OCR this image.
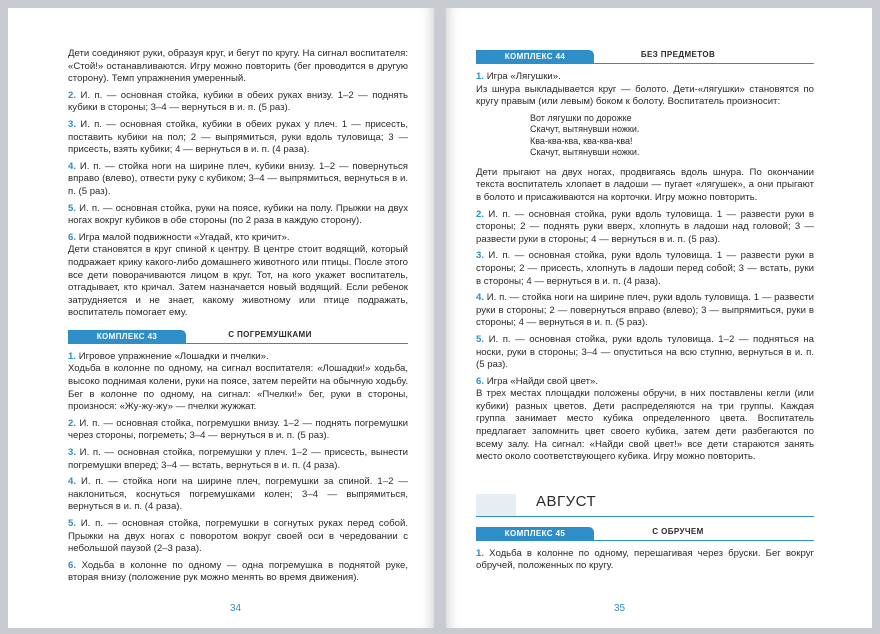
Дети соединяют руки, образуя круг, и бегут по кругу. На сигнал воспитателя: «Стой!» останавливаются. Игру можно повторить (бег проводится в другую сторону). Темп упражнения умеренный.

2. И. п. — основная стойка, кубики в обеих руках внизу. 1–2 — поднять кубики в стороны; 3–4 — вернуться в и. п. (5 раз).

3. И. п. — основная стойка, кубики в обеих руках у плеч. 1 — присесть, поставить кубики на пол; 2 — выпрямиться, руки вдоль туловища; 3 — присесть, взять кубики; 4 — вернуться в и. п. (4 раза).

4. И. п. — стойка ноги на ширине плеч, кубики внизу. 1–2 — повернуться вправо (влево), отвести руку с кубиком; 3–4 — выпрямиться, вернуться в и. п. (5 раз).

5. И. п. — основная стойка, руки на поясе, кубики на полу. Прыжки на двух ногах вокруг кубиков в обе стороны (по 2 раза в каждую сторону).

6. Игра малой подвижности «Угадай, кто кричит».

Дети становятся в круг спиной к центру. В центре стоит водящий, который подражает крику какого-либо домашнего животного или птицы. После этого все дети поворачиваются лицом в круг. Тот, на кого укажет воспитатель, отгадывает, кто кричал. Затем назначается новый водящий. Если ребенок затрудняется и не знает, какому животному или птице подражать, воспитатель помогает ему.

КОМПЛЕКС 43	С ПОГРЕМУШКАМИ

1. Игровое упражнение «Лошадки и пчелки».

Ходьба в колонне по одному, на сигнал воспитателя: «Лошадки!» ходьба, высоко поднимая колени, руки на поясе, затем перейти на обычную ходьбу. Бег в колонне по одному, на сигнал: «Пчелки!» бег, руки в стороны, произнося: «Жу-жу-жу» — пчелки жужжат.

2. И. п. — основная стойка, погремушки внизу. 1–2 — поднять погремушки через стороны, погреметь; 3–4 — вернуться в и. п. (5 раз).

3. И. п. — основная стойка, погремушки у плеч. 1–2 — присесть, вынести погремушки вперед; 3–4 — встать, вернуться в и. п. (4 раза).

4. И. п. — стойка ноги на ширине плеч, погремушки за спиной. 1–2 — наклониться, коснуться погремушками колен; 3–4 — выпрямиться, вернуться в и. п. (4 раза).

5. И. п. — основная стойка, погремушки в согнутых руках перед собой. Прыжки на двух ногах с поворотом вокруг своей оси в чередовании с небольшой паузой (2–3 раза).

6. Ходьба в колонне по одному — одна погремушка в поднятой руке, вторая внизу (положение рук можно менять во время движения).

34
КОМПЛЕКС 44	БЕЗ ПРЕДМЕТОВ

1. Игра «Лягушки».

Из шнура выкладывается круг — болото. Дети-«лягушки» становятся по кругу правым (или левым) боком к болоту. Воспитатель произносит:

Вот лягушки по дорожке
Скачут, вытянувши ножки.
Ква-ква-ква, ква-ква-ква!
Скачут, вытянувши ножки.

Дети прыгают на двух ногах, продвигаясь вдоль шнура. По окончании текста воспитатель хлопает в ладоши — пугает «лягушек», а они прыгают в болото и присаживаются на корточки. Игру можно повторить.

2. И. п. — основная стойка, руки вдоль туловища. 1 — развести руки в стороны; 2 — поднять руки вверх, хлопнуть в ладоши над головой; 3 — развести руки в стороны; 4 — вернуться в и. п. (5 раз).

3. И. п. — основная стойка, руки вдоль туловища. 1 — развести руки в стороны; 2 — присесть, хлопнуть в ладоши перед собой; 3 — встать, руки в стороны; 4 — вернуться в и. п. (4 раза).

4. И. п. — стойка ноги на ширине плеч, руки вдоль туловища. 1 — развести руки в стороны; 2 — повернуться вправо (влево); 3 — выпрямиться, руки в стороны; 4 — вернуться в и. п. (5 раз).

5. И. п. — основная стойка, руки вдоль туловища. 1–2 — подняться на носки, руки в стороны; 3–4 — опуститься на всю ступню, вернуться в и. п. (5 раз).

6. Игра «Найди свой цвет».

В трех местах площадки положены обручи, в них поставлены кегли (или кубики) разных цветов. Дети распределяются на три группы. Каждая группа занимает место кубика определенного цвета. Воспитатель предлагает запомнить цвет своего кубика, затем дети разбегаются по всему залу. На сигнал: «Найди свой цвет!» все дети стараются занять место около соответствующего кубика. Игру можно повторить.

АВГУСТ
КОМПЛЕКС 45	С ОБРУЧЕМ

1. Ходьба в колонне по одному, перешагивая через бруски. Бег вокруг обручей, положенных по кругу.

35
